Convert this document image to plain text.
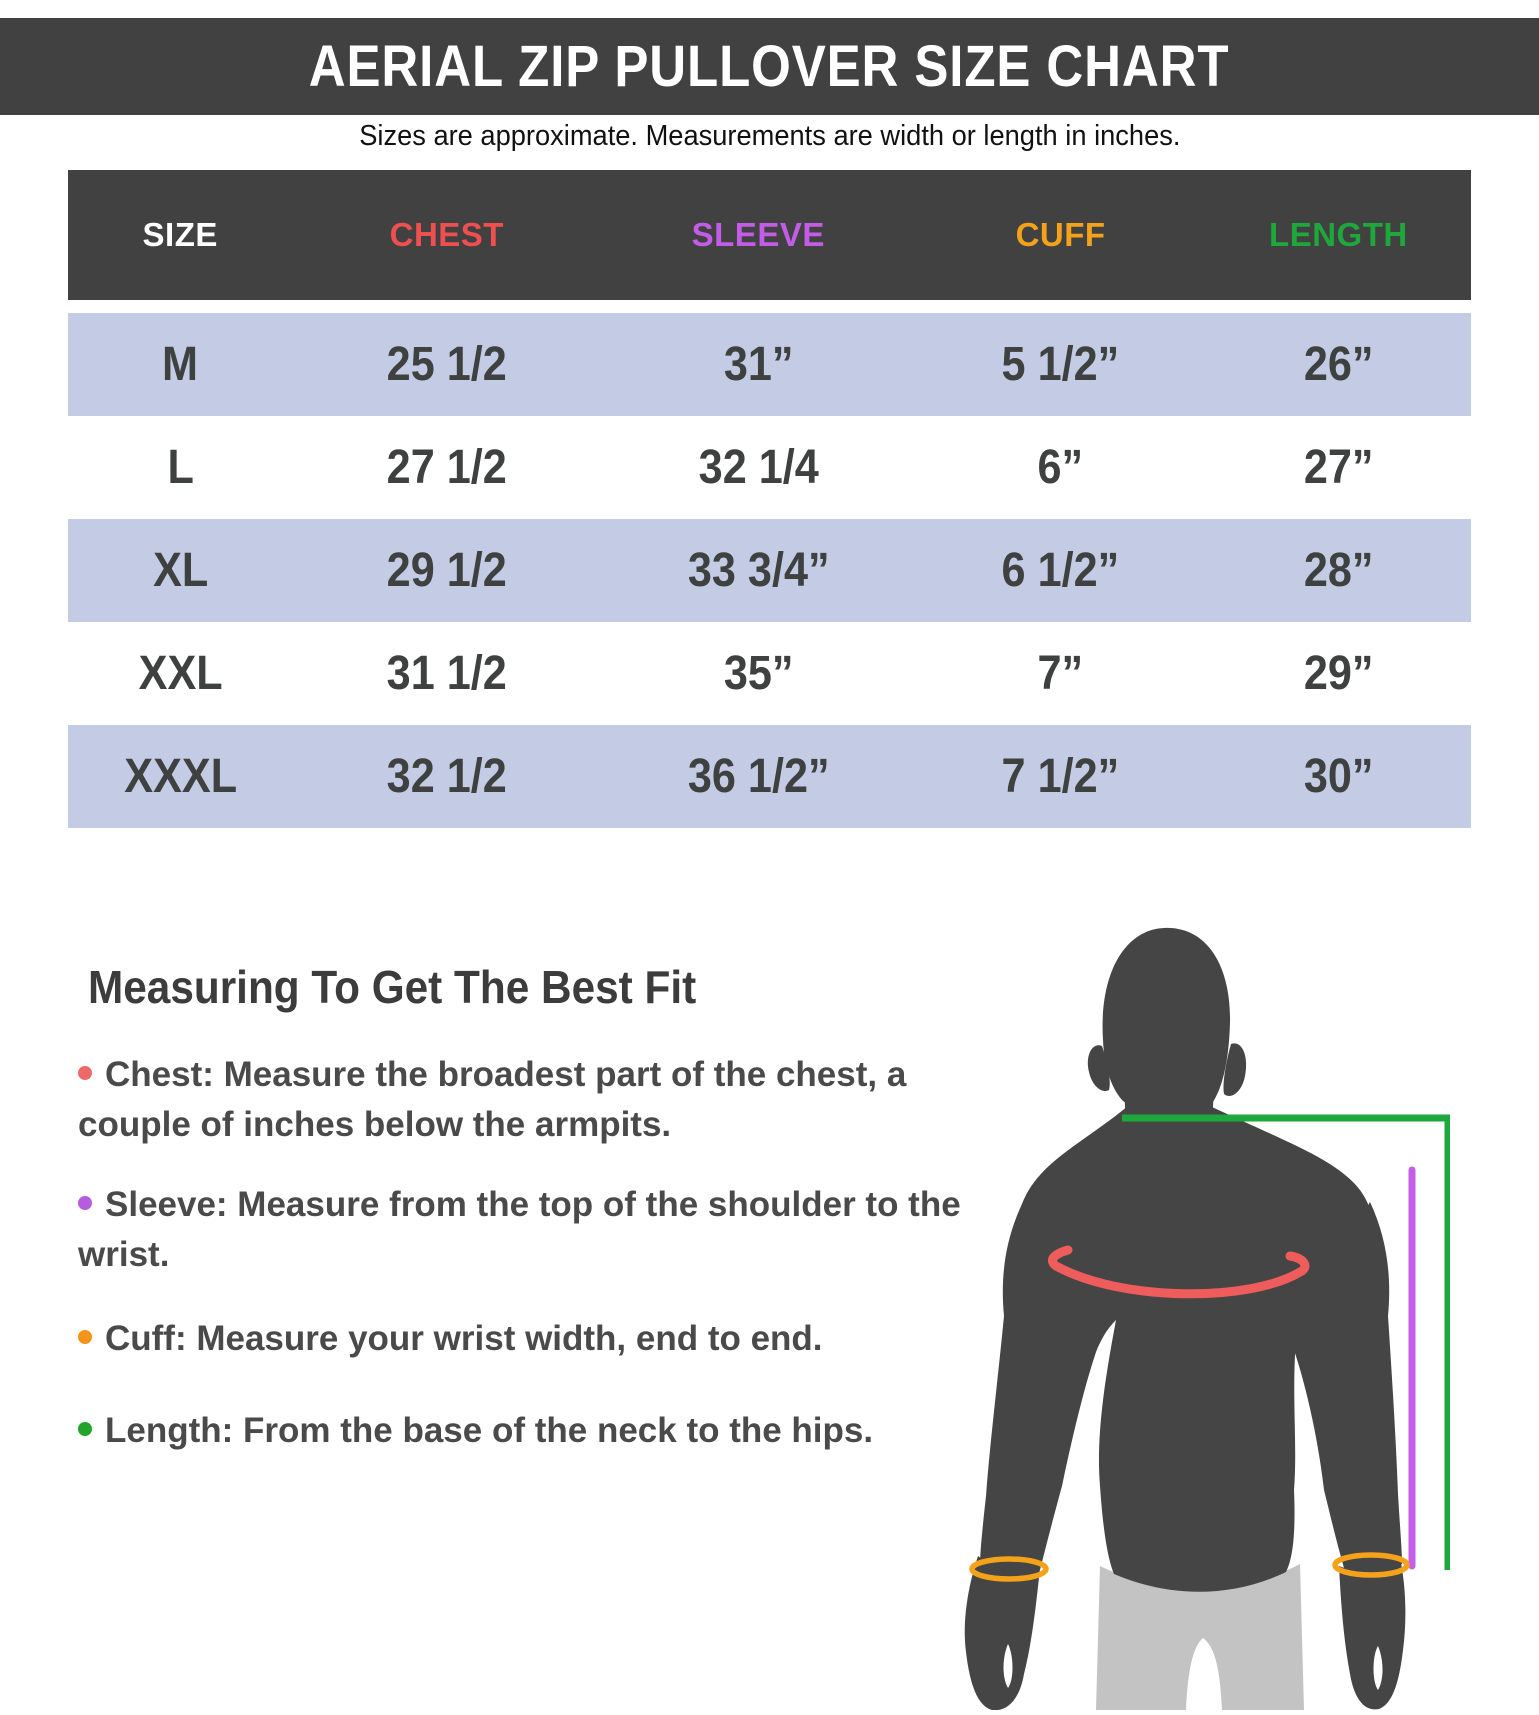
AERIAL ZIP PULLOVER SIZE CHART
Sizes are approximate. Measurements are width or length in inches.
SIZE	CHEST	SLEEVE	CUFF	LENGTH
M	25 1/2	31”	5 1/2”	26”
L	27 1/2	32 1/4	6”	27”
XL	29 1/2	33 3/4”	6 1/2”	28”
XXL	31 1/2	35”	7”	29”
XXXL	32 1/2	36 1/2”	7 1/2”	30”
Measuring To Get The Best Fit

Chest: Measure the broadest part of the chest, a couple of inches below the armpits.

Sleeve: Measure from the top of the shoulder to the wrist.

Cuff: Measure your wrist width, end to end.

Length: From the base of the neck to the hips.
